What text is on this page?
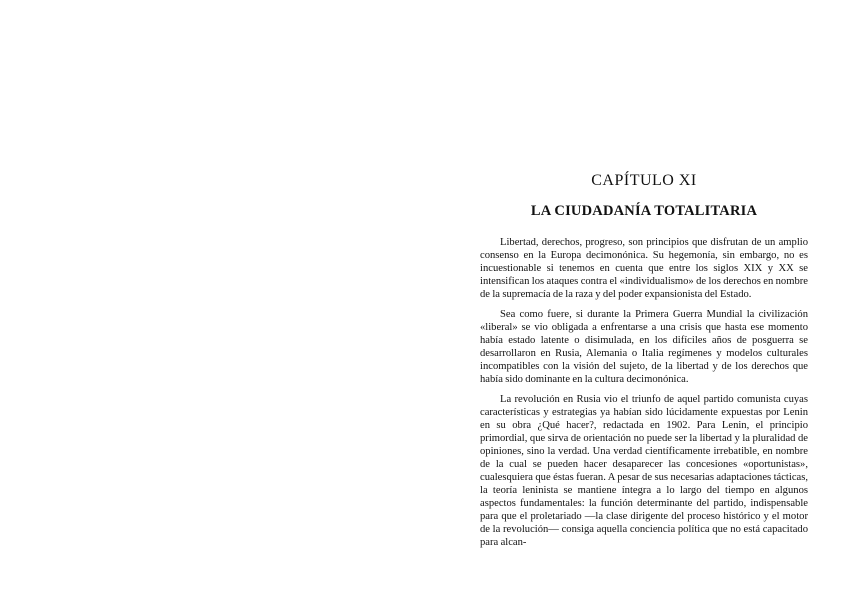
CAPÍTULO XI
LA CIUDADANÍA TOTALITARIA

Libertad, derechos, progreso, son principios que disfrutan de un amplio consenso en la Europa decimonónica. Su hegemonía, sin embargo, no es incuestionable si tenemos en cuenta que entre los siglos XIX y XX se intensifican los ataques contra el «individualismo» de los derechos en nombre de la supremacía de la raza y del poder expansionista del Estado.

Sea como fuere, si durante la Primera Guerra Mundial la civilización «liberal» se vio obligada a enfrentarse a una crisis que hasta ese momento había estado latente o disimulada, en los difíciles años de posguerra se desarrollaron en Rusia, Alemania o Italia regímenes y modelos culturales incompatibles con la visión del sujeto, de la libertad y de los derechos que había sido dominante en la cultura decimonónica.

La revolución en Rusia vio el triunfo de aquel partido comunista cuyas características y estrategias ya habían sido lúcidamente expuestas por Lenin en su obra ¿Qué hacer?, redactada en 1902. Para Lenin, el principio primordial, que sirva de orientación no puede ser la libertad y la pluralidad de opiniones, sino la verdad. Una verdad científicamente irrebatible, en nombre de la cual se pueden hacer desaparecer las concesiones «oportunistas», cualesquiera que éstas fueran. A pesar de sus necesarias adaptaciones tácticas, la teoría leninista se mantiene íntegra a lo largo del tiempo en algunos aspectos fundamentales: la función determinante del partido, indispensable para que el proletariado —la clase dirigente del proceso histórico y el motor de la revolución— consiga aquella conciencia política que no está capacitado para alcan-
